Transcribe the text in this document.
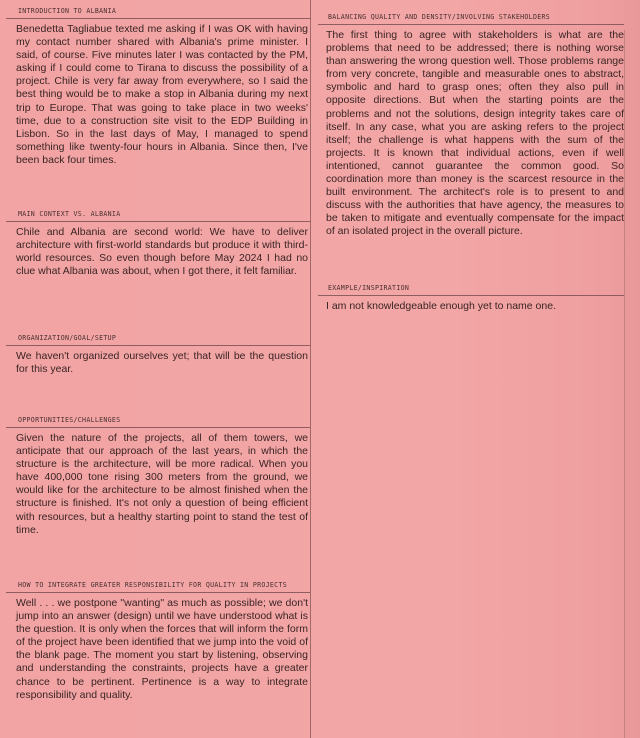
INTRODUCTION TO ALBANIA
Benedetta Tagliabue texted me asking if I was OK with having my contact number shared with Albania's prime minister. I said, of course. Five minutes later I was contacted by the PM, asking if I could come to Tirana to discuss the possibility of a project. Chile is very far away from everywhere, so I said the best thing would be to make a stop in Albania during my next trip to Europe. That was going to take place in two weeks' time, due to a construction site visit to the EDP Building in Lisbon. So in the last days of May, I managed to spend something like twenty-four hours in Albania. Since then, I've been back four times.
MAIN CONTEXT VS. ALBANIA
Chile and Albania are second world: We have to deliver architecture with first-world standards but produce it with third-world resources. So even though before May 2024 I had no clue what Albania was about, when I got there, it felt familiar.
ORGANIZATION/GOAL/SETUP
We haven't organized ourselves yet; that will be the question for this year.
OPPORTUNITIES/CHALLENGES
Given the nature of the projects, all of them towers, we anticipate that our approach of the last years, in which the structure is the architecture, will be more radical. When you have 400,000 tone rising 300 meters from the ground, we would like for the architecture to be almost finished when the structure is finished. It's not only a question of being efficient with resources, but a healthy starting point to stand the test of time.
HOW TO INTEGRATE GREATER RESPONSIBILITY FOR QUALITY IN PROJECTS
Well . . . we postpone "wanting" as much as possible; we don't jump into an answer (design) until we have understood what is the question. It is only when the forces that will inform the form of the project have been identified that we jump into the void of the blank page. The moment you start by listening, observing and understanding the constraints, projects have a greater chance to be pertinent. Pertinence is a way to integrate responsibility and quality.
BALANCING QUALITY AND DENSITY/INVOLVING STAKEHOLDERS
The first thing to agree with stakeholders is what are the problems that need to be addressed; there is nothing worse than answering the wrong question well. Those problems range from very concrete, tangible and measurable ones to abstract, symbolic and hard to grasp ones; often they also pull in opposite directions. But when the starting points are the problems and not the solutions, design integrity takes care of itself. In any case, what you are asking refers to the project itself; the challenge is what happens with the sum of the projects. It is known that individual actions, even if well intentioned, cannot guarantee the common good. So coordination more than money is the scarcest resource in the built environment. The architect's role is to present to and discuss with the authorities that have agency, the measures to be taken to mitigate and eventually compensate for the impact of an isolated project in the overall picture.
EXAMPLE/INSPIRATION
I am not knowledgeable enough yet to name one.
